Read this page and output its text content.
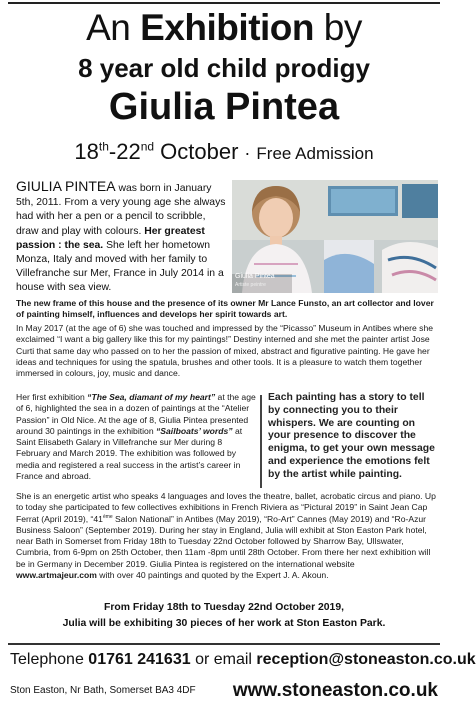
An Exhibition by
8 year old child prodigy
Giulia Pintea
18th-22nd October · Free Admission
GIULIA PINTEA was born in January 5th, 2011. From a very young age she always had with her a pen or a pencil to scribble, draw and play with colours. Her greatest passion : the sea. She left her hometown Monza, Italy and moved with her family to Villefranche sur Mer, France in July 2014 in a house with sea view.
Giulia Pintea
Artiste peintre
The new frame of this house and the presence of its owner Mr Lance Funsto, an art collector and lover of painting himself, influences and develops her spirit towards art.
In May 2017 (at the age of 6) she was touched and impressed by the “Picasso” Museum in Antibes where she exclaimed “I want a big gallery like this for my paintings!” Destiny interned and she met the painter artist Jose Curti that same day who passed on to her the passion of mixed, abstract and figurative painting. He gave her ideas and techniques for using the spatula, brushes and other tools. It is a pleasure to watch them together immersed in colours, joy, music and dance.
Her first exhibition “The Sea, diamant of my heart” at the age of 6, highlighted the sea in a dozen of paintings at the “Atelier Passion” in Old Nice. At the age of 8, Giulia Pintea presented around 30 paintings in the exhibition “Sailboats’ words” at Saint Elisabeth Galary in Villefranche sur Mer during 8 February and March 2019. The exhibition was followed by media and registered a real success in the artist’s career in France and abroad.
Each painting has a story to tell by connecting you to their whispers. We are counting on your presence to discover the enigma, to get your own message and experience the emotions felt by the artist while painting.
She is an energetic artist who speaks 4 languages and loves the theatre, ballet, acrobatic circus and piano. Up to today she participated to few collectives exhibitions in French Riviera as “Pictural 2019” in Saint Jean Cap Ferrat (April 2019), “41ème Salon National” in Antibes (May 2019), “Ro-Art” Cannes (May 2019) and “Ro-Azur Business Saloon” (September 2019). During her stay in England, Julia will exhibit at Ston Easton Park hotel, near Bath in Somerset from Friday 18th to Tuesday 22nd October followed by Sharrow Bay, Ullswater, Cumbria, from 6-9pm on 25th October, then 11am -8pm until 28th October. From there her next exhibition will be in Germany in December 2019. Giulia Pintea is registered on the international website www.artmajeur.com with over 40 paintings and quoted by the Expert J. A. Akoun.
From Friday 18th to Tuesday 22nd October 2019,
Julia will be exhibiting 30 pieces of her work at Ston Easton Park.
Telephone 01761 241631 or email reception@stoneaston.co.uk
Ston Easton, Nr Bath, Somerset BA3 4DF www.stoneaston.co.uk
